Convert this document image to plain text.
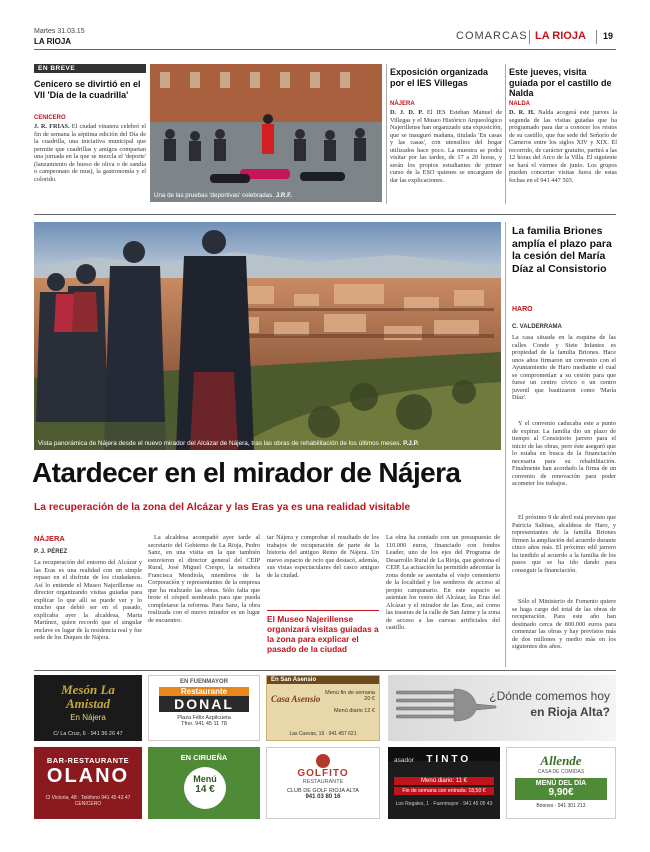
Martes 31.03.15
LA RIOJA	COMARCAS LA RIOJA 19
EN BREVE
Cenicero se divirtió en el VII 'Día de la cuadrilla'
CENICERO
J. R. FRÍAS. El ciudad vinatera celebró el fin de semana la séptima edición del Día de la cuadrilla, una iniciativa municipal que permite que cuadrillas y amigos compartan una jornada en la que se mezcla el 'deporte' (lanzamiento de hueso de oliva o de sandía o campeonato de mus), la gastronomía y el colorido.
Una de las pruebas 'deportivas' celebradas. J.R.F.
Exposición organizada por el IES Villegas
NÁJERA
D. J. D. P. El IES Esteban Manuel de Villegas y el Museo Histórico Arqueológico Najerillense han organizado una exposición, que se inauguró mañana, titulada 'En casas y las casas', con utensilios del hogar utilizados hace poco. La muestra se podrá visitar por las tardes, de 17 a 20 horas, y serán los propios estudiantes de primer curso de la ESO quienes se encarguen de dar las explicaciones.
Este jueves, visita guiada por el castillo de Nalda
NALDA
D. R. H. Nalda acogerá este jueves la segunda de las visitas guiadas que ha programado para dar a conocer los restos de su castillo, que fue sede del Señorío de Cameros entre los siglos XIV y XIX. El recorrido, de carácter gratuito, partirá a las 12 horas del Arco de la Villa. El siguiente se hará el viernes de junio. Los grupos pueden concertar visitas fuera de estas fechas en el 941 447 503.
Vista panorámica de Nájera desde el nuevo mirador del Alcázar de Nájera, tras las obras de rehabilitación de los últimos meses. P.J.P.
La familia Briones amplía el plazo para la cesión del María Díaz al Consistorio
HARO
C. VALDERRAMA
La casa situada en la esquina de las calles Conde y Siete Infantes es propiedad de la familia Briones. Hace unos años firmaron un convenio con el Ayuntamiento de Haro mediante el cual se comprometían a su cesión para que fuese un centro cívico o un centro juvenil que bautizaron como 'María Díaz'.
Y el convenio caducaba este a punto de expirar. La familia dio un plazo de tiempo al Consistorio jarrero para el inicio de las obras, pero éste aseguró que lo estaba en busca de la financiación necesaria para su rehabilitación. Finalmente han acordado la firma de un convenio de renovación para poder acometer los trabajos.
El próximo 9 de abril está previsto que Patricia Salinas, alcaldesa de Haro, y representantes de la familia Briones firmen la ampliación del acuerdo durante cinco años más. El próximo edil jarrero ha tendido al acuerdo a la familia de los pasos que se ha ido dando para conseguir la financiación.
Sólo el Ministerio de Fomento quiere se haga cargo del total de las obras de recuperación. Para este año han destinado cerca de 800.000 euros para comenzar las obras y hay previstos más de dos millones y medio más en los siguientes dos años.
Atardecer en el mirador de Nájera
La recuperación de la zona del Alcázar y las Eras ya es una realidad visitable
NÁJERA
P. J. PÉREZ
La recuperación del entorno del Alcázar y las Eras es una realidad con un simple repaso en el disfrute de los ciudadanos. Así lo entiende el Museo Najerillense su director organizando visitas guiadas para explicar lo que allí se puede ver y lo mucho que debió ser en el pasado, explicaba ayer la alcaldesa, Marta Martínez, quien recordó que el singular enclave es lugar de la residencia real y fue sede de los Duques de Nájera.
La alcaldesa acompañó ayer tarde al secretario del Gobierno de La Rioja, Pedro Sanz, en una visita en la que también estuvieron el director general del CEIP Rural, José Miguel Crespo, la senadora Francisca Mendiola, miembros de la Corporación y representantes de la empresa que ha realizado las obras. Sólo falta que brote el césped sembrado para que pueda completarse la reforma. Para Sanz, la obra realizada con el nuevo mirador es un lugar de encuentro.
tar Nájera y comprobar el resultado de los trabajos de recuperación de parte de la historia del antiguo Reino de Nájera. Un nuevo espacio de ocio que destacó, además, sus vistas espectaculares del casco antiguo de la ciudad.
El Museo Najerillense organizará visitas guiadas a la zona para explicar el pasado de la ciudad
La obra ha contado con un presupuesto de 110.000 euros, financiado con fondos Leader, uno de los ejes del Programa de Desarrollo Rural de La Rioja, que gestiona el CEIP. La actuación ha permitido adecentar la zona donde se asentaba el viejo cementerio de la localidad y los senderos de acceso al propio campanario. En este espacio se asientan los restos del Alcázar, las Eras del Alcázar y el mirador de las Eras, así como las traseras de la calle de San Jaime y la zona de acceso a las cuevas artificiales del castillo.
Mesón La Amistad
En Nájera
C/ La Cruz, 6 · 941 36 26 47
EN FUENMAYOR
Restaurante
DONAL
Plaza Félix Azpilcueta
Tfno. 941 45 11 78
En San Asensio
Casa Asensio
Menú fin de semana 20 €
Menú diario 12 €
Las Cuevas, 19 · 941 457 621
¿Dónde comemos hoy
en Rioja Alta?
BAR-RESTAURANTE
OLANO
Cl Victoria, 48 · Teléfono 941 45 43 47
CENICERO
EN CIRUEÑA
Menú
14 €
GOLFITO
RESTAURANTE
CLUB DE GOLF RIOJA ALTA
941 03 80 16
asador TINTO
Menú diario: 11 €
Fin de semana con entrada: 18,50 €
Los Regales, 1 · Fuenmayor · 941 45 05 43
Allende
CASA DE COMIDAS
MENÚ DEL DÍA
9,90€
Briones · 941 301 213
